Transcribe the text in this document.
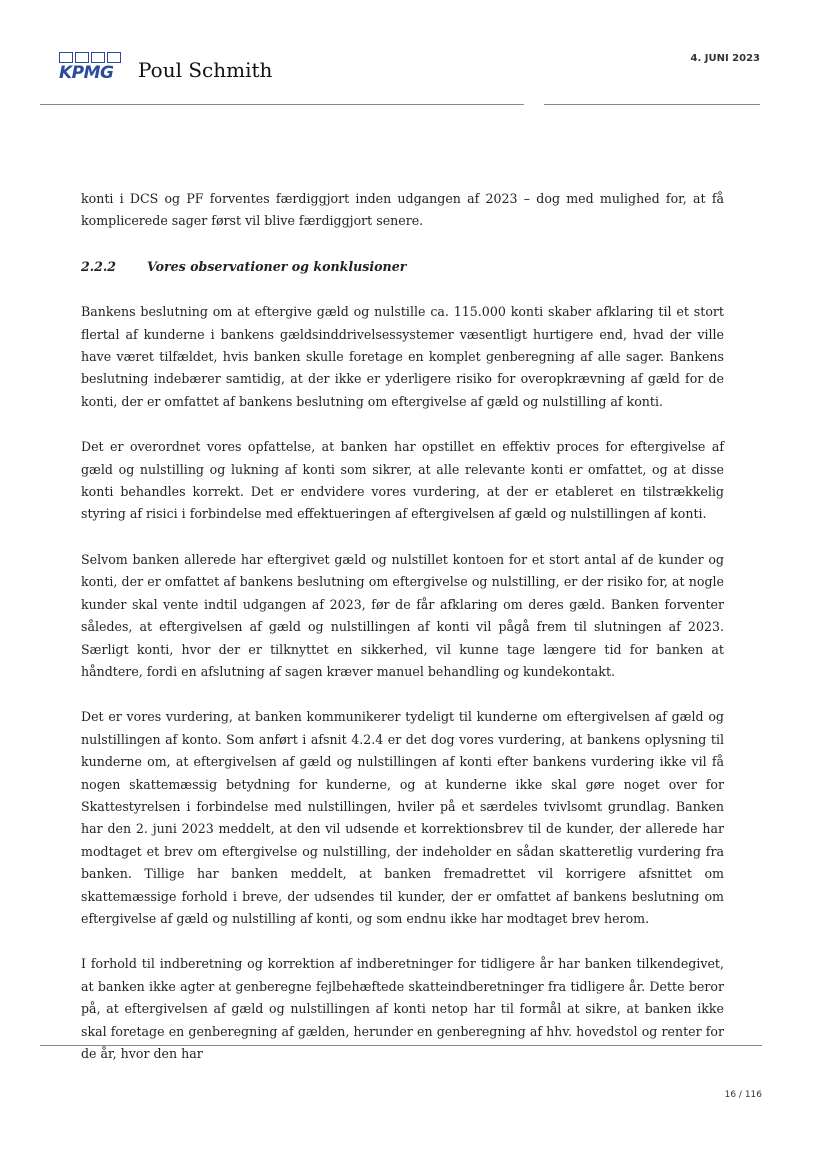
KPMG Poul Schmith	4. JUNI 2023

konti i DCS og PF forventes færdiggjort inden udgangen af 2023 – dog med mulighed for, at få komplicerede sager først vil blive færdiggjort senere.

2.2.2 Vores observationer og konklusioner

Bankens beslutning om at eftergive gæld og nulstille ca. 115.000 konti skaber afklaring til et stort flertal af kunderne i bankens gældsinddrivelsessystemer væsentligt hurtigere end, hvad der ville have været tilfældet, hvis banken skulle foretage en komplet genberegning af alle sager. Bankens beslutning indebærer samtidig, at der ikke er yderligere risiko for overopkrævning af gæld for de konti, der er omfattet af bankens beslutning om eftergivelse af gæld og nulstilling af konti.

Det er overordnet vores opfattelse, at banken har opstillet en effektiv proces for eftergivelse af gæld og nulstilling og lukning af konti som sikrer, at alle relevante konti er omfattet, og at disse konti behandles korrekt. Det er endvidere vores vurdering, at der er etableret en tilstrækkelig styring af risici i forbindelse med effektueringen af eftergivelsen af gæld og nulstillingen af konti.

Selvom banken allerede har eftergivet gæld og nulstillet kontoen for et stort antal af de kunder og konti, der er omfattet af bankens beslutning om eftergivelse og nulstilling, er der risiko for, at nogle kunder skal vente indtil udgangen af 2023, før de får afklaring om deres gæld. Banken forventer således, at eftergivelsen af gæld og nulstillingen af konti vil pågå frem til slutningen af 2023. Særligt konti, hvor der er tilknyttet en sikkerhed, vil kunne tage længere tid for banken at håndtere, fordi en afslutning af sagen kræver manuel behandling og kundekontakt.

Det er vores vurdering, at banken kommunikerer tydeligt til kunderne om eftergivelsen af gæld og nulstillingen af konto. Som anført i afsnit 4.2.4 er det dog vores vurdering, at bankens oplysning til kunderne om, at eftergivelsen af gæld og nulstillingen af konti efter bankens vurdering ikke vil få nogen skattemæssig betydning for kunderne, og at kunderne ikke skal gøre noget over for Skattestyrelsen i forbindelse med nulstillingen, hviler på et særdeles tvivlsomt grundlag. Banken har den 2. juni 2023 meddelt, at den vil udsende et korrektionsbrev til de kunder, der allerede har modtaget et brev om eftergivelse og nulstilling, der indeholder en sådan skatteretlig vurdering fra banken. Tillige har banken meddelt, at banken fremadrettet vil korrigere afsnittet om skattemæssige forhold i breve, der udsendes til kunder, der er omfattet af bankens beslutning om eftergivelse af gæld og nulstilling af konti, og som endnu ikke har modtaget brev herom.

I forhold til indberetning og korrektion af indberetninger for tidligere år har banken tilkendegivet, at banken ikke agter at genberegne fejlbehæftede skatteindberetninger fra tidligere år. Dette beror på, at eftergivelsen af gæld og nulstillingen af konti netop har til formål at sikre, at banken ikke skal foretage en genberegning af gælden, herunder en genberegning af hhv. hovedstol og renter for de år, hvor den har

16 / 116
